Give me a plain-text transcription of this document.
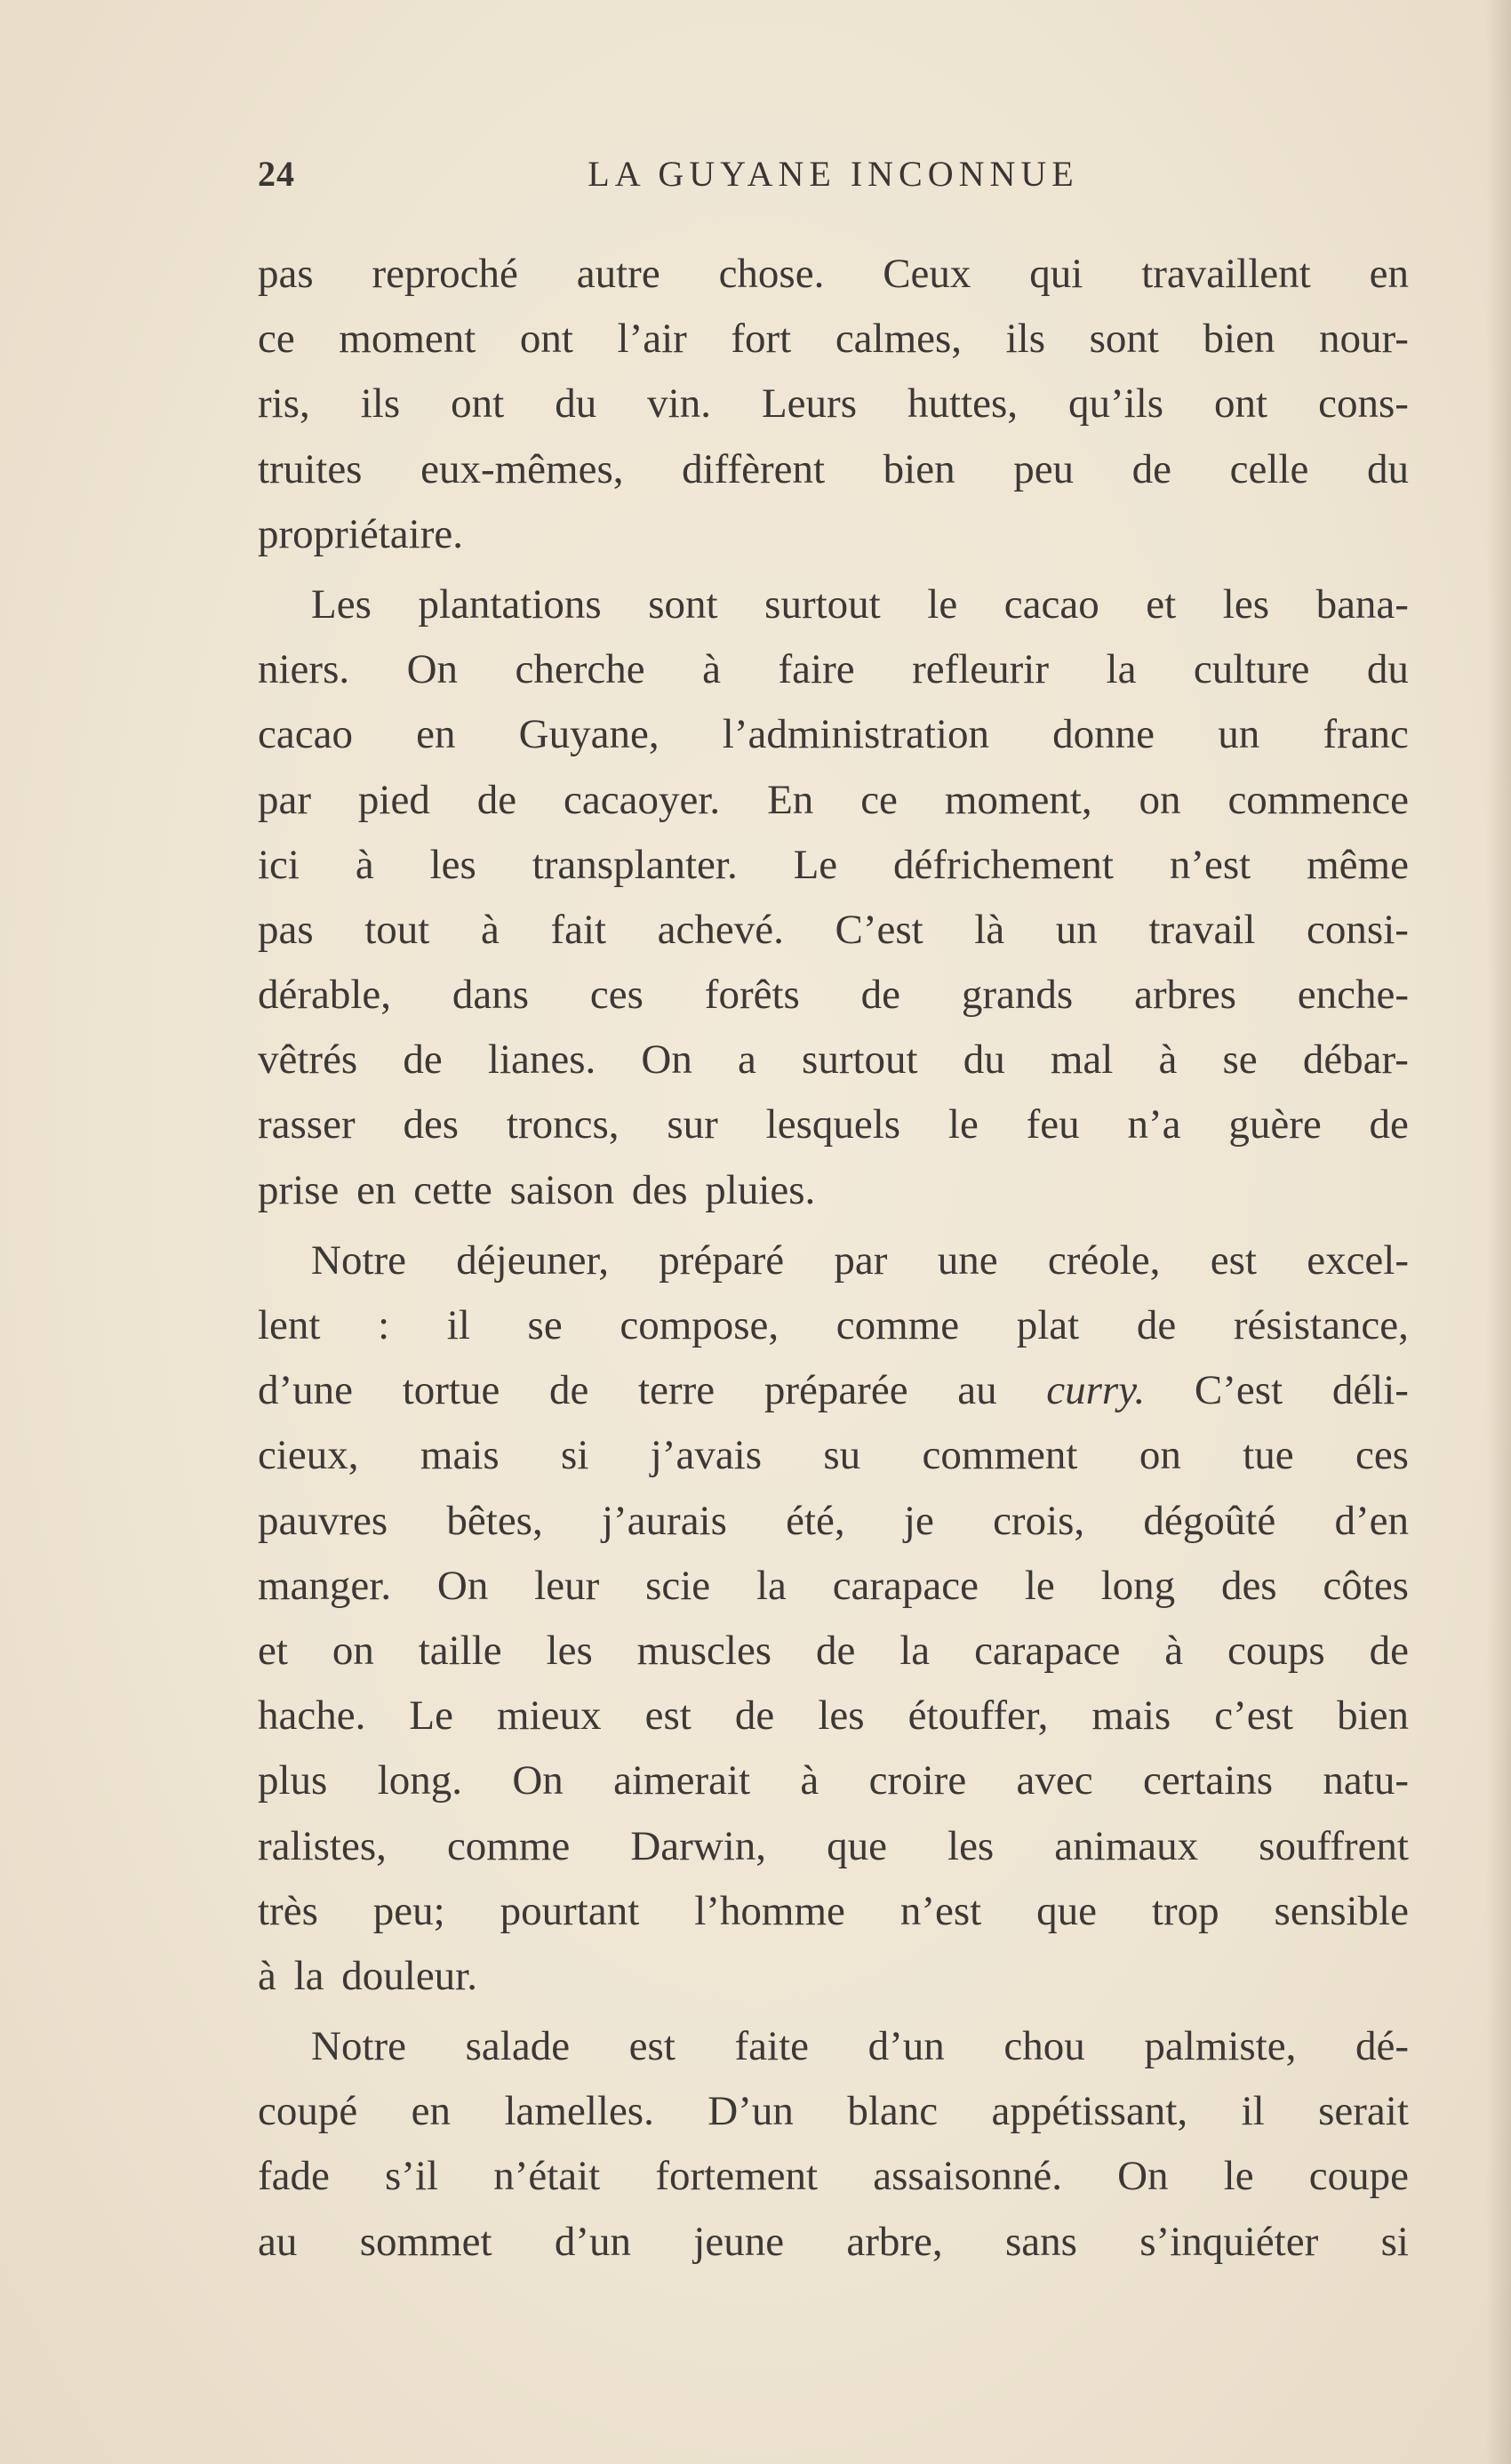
24	LA GUYANE INCONNUE
pas reproché autre chose. Ceux qui travaillent en
ce moment ont l’air fort calmes, ils sont bien nour-
ris, ils ont du vin. Leurs huttes, qu’ils ont cons-
truites eux-mêmes, diffèrent bien peu de celle du
propriétaire.
Les plantations sont surtout le cacao et les bana-
niers. On cherche à faire refleurir la culture du
cacao en Guyane, l’administration donne un franc
par pied de cacaoyer. En ce moment, on commence
ici à les transplanter. Le défrichement n’est même
pas tout à fait achevé. C’est là un travail consi-
dérable, dans ces forêts de grands arbres enche-
vêtrés de lianes. On a surtout du mal à se débar-
rasser des troncs, sur lesquels le feu n’a guère de
prise en cette saison des pluies.
Notre déjeuner, préparé par une créole, est excel-
lent : il se compose, comme plat de résistance,
d’une tortue de terre préparée au curry. C’est déli-
cieux, mais si j’avais su comment on tue ces
pauvres bêtes, j’aurais été, je crois, dégoûté d’en
manger. On leur scie la carapace le long des côtes
et on taille les muscles de la carapace à coups de
hache. Le mieux est de les étouffer, mais c’est bien
plus long. On aimerait à croire avec certains natu-
ralistes, comme Darwin, que les animaux souffrent
très peu; pourtant l’homme n’est que trop sensible
à la douleur.
Notre salade est faite d’un chou palmiste, dé-
coupé en lamelles. D’un blanc appétissant, il serait
fade s’il n’était fortement assaisonné. On le coupe
au sommet d’un jeune arbre, sans s’inquiéter si
